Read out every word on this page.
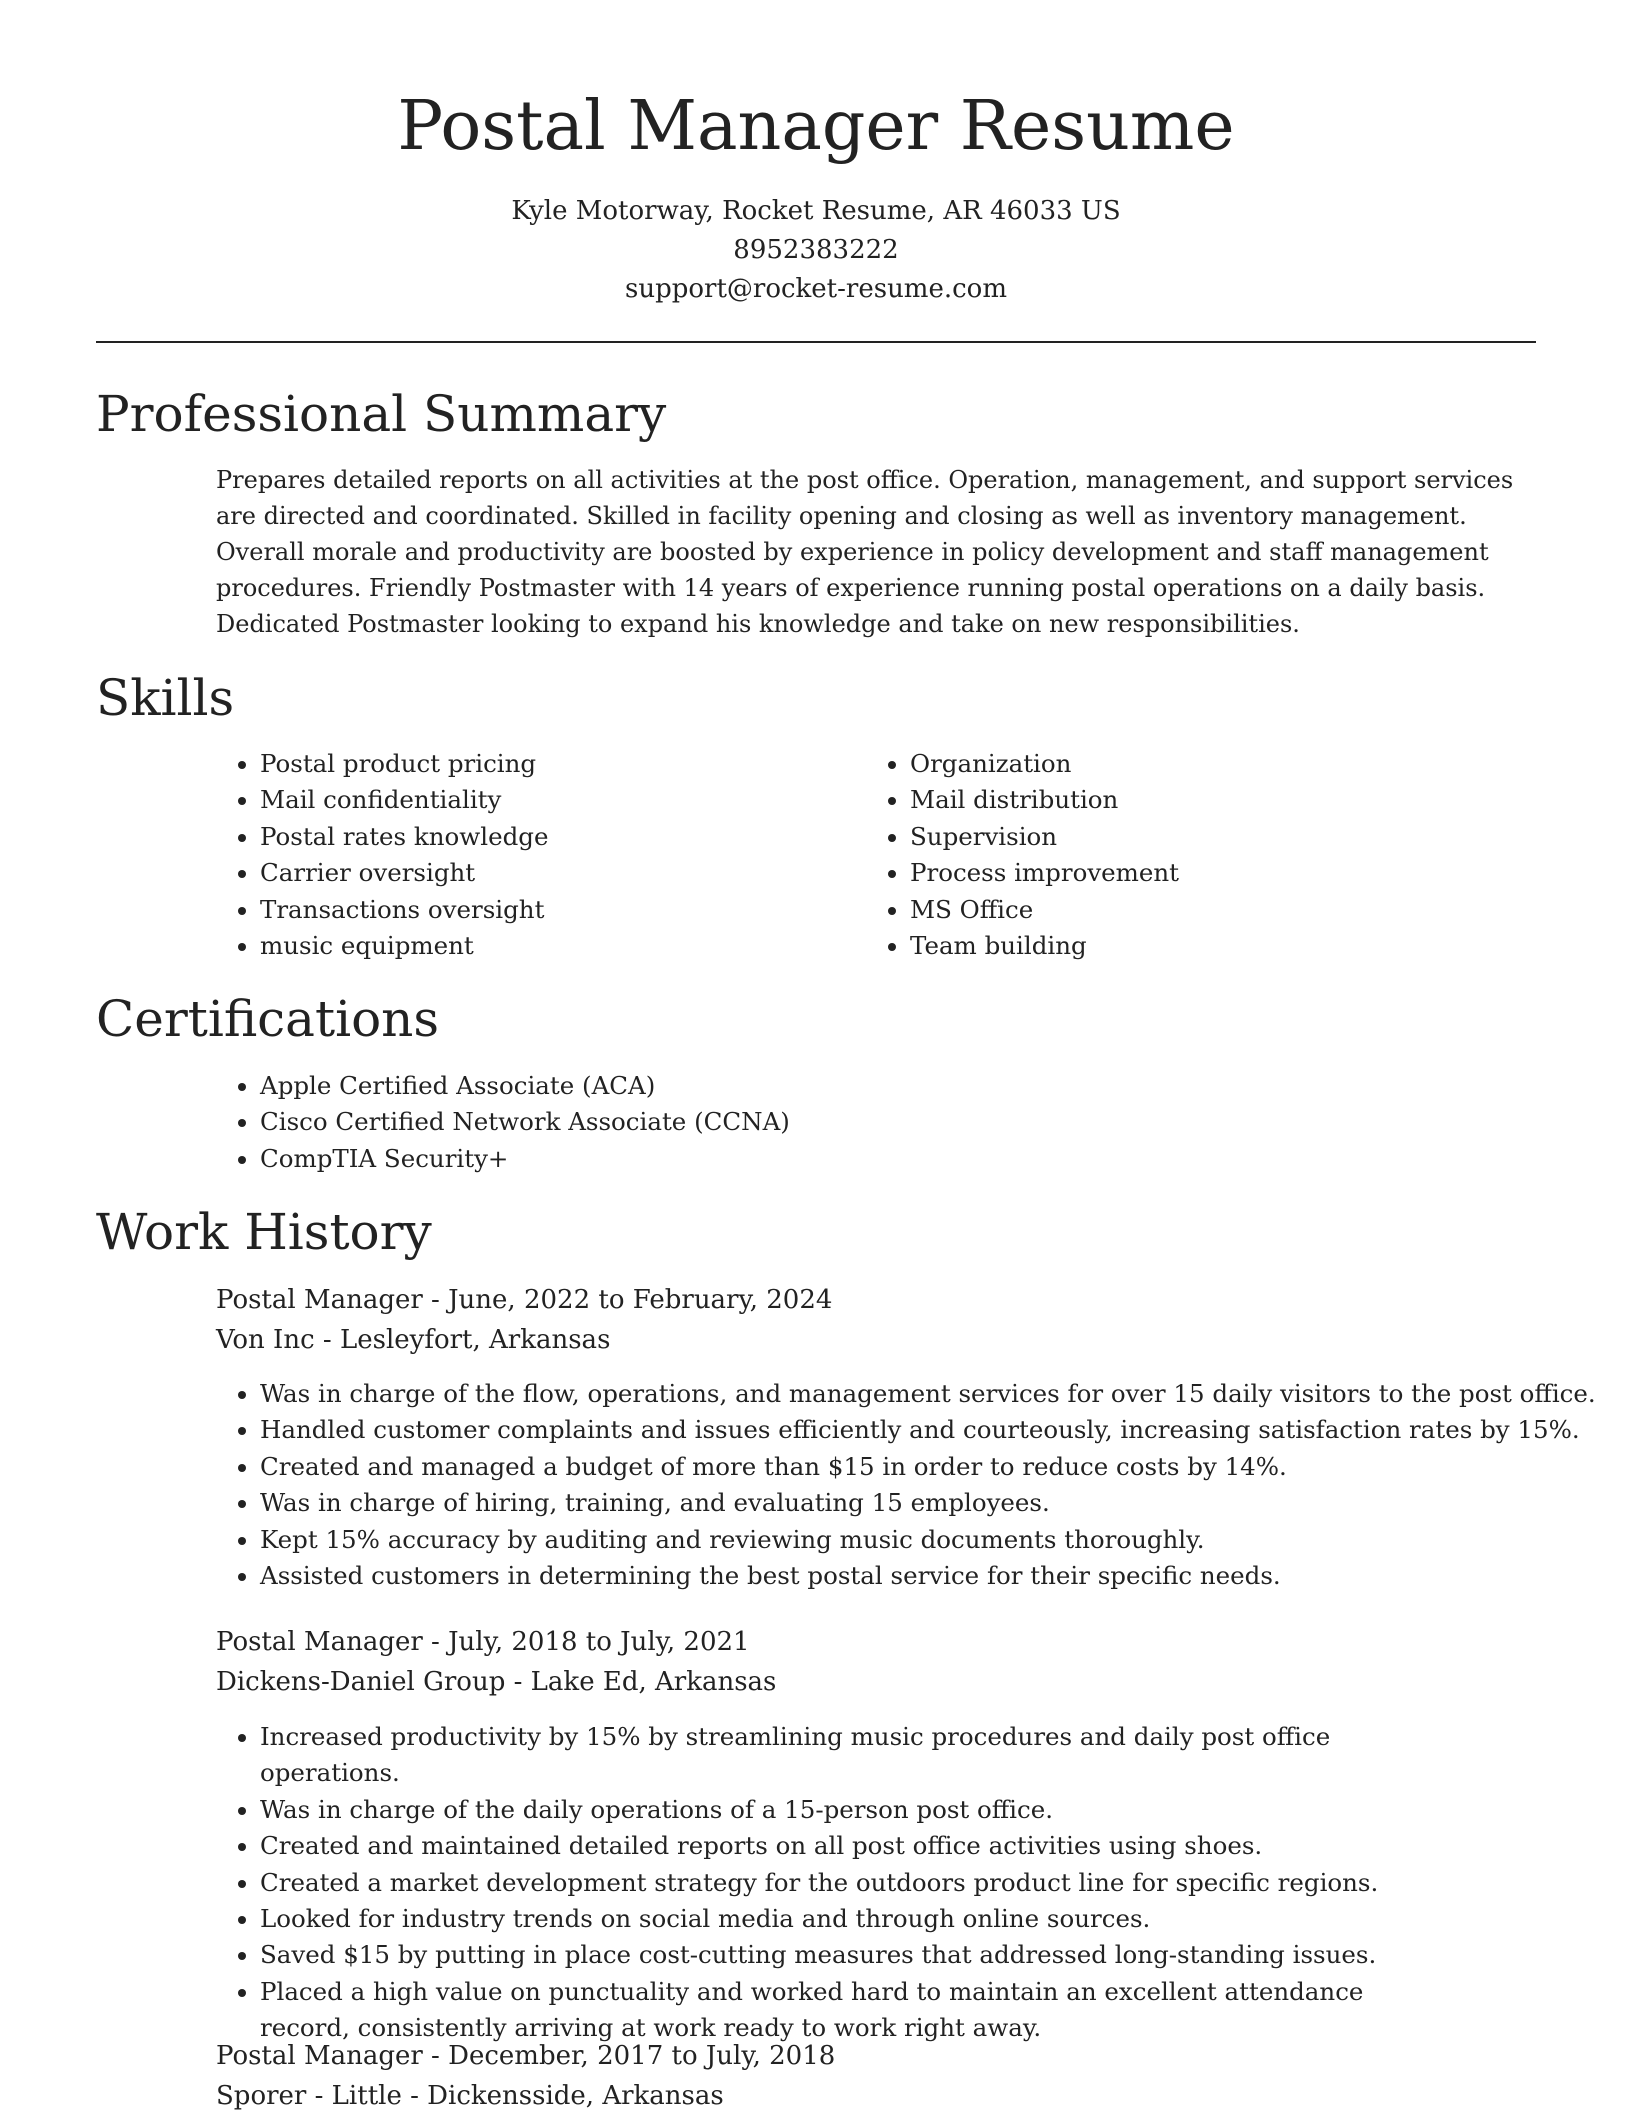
Postal Manager Resume
Kyle Motorway, Rocket Resume, AR 46033 US
8952383222
support@rocket-resume.com
Professional Summary

Prepares detailed reports on all activities at the post office. Operation, management, and support services are directed and coordinated. Skilled in facility opening and closing as well as inventory management. Overall morale and productivity are boosted by experience in policy development and staff management procedures. Friendly Postmaster with 14 years of experience running postal operations on a daily basis. Dedicated Postmaster looking to expand his knowledge and take on new responsibilities.

Skills
• Postal product pricing
• Mail confidentiality
• Postal rates knowledge
• Carrier oversight
• Transactions oversight
• music equipment
• Organization
• Mail distribution
• Supervision
• Process improvement
• MS Office
• Team building
Certifications
• Apple Certified Associate (ACA)
• Cisco Certified Network Associate (CCNA)
• CompTIA Security+
Work History
Postal Manager - June, 2022 to February, 2024
Von Inc - Lesleyfort, Arkansas
• Was in charge of the flow, operations, and management services for over 15 daily visitors to the post office.
• Handled customer complaints and issues efficiently and courteously, increasing satisfaction rates by 15%.
• Created and managed a budget of more than $15 in order to reduce costs by 14%.
• Was in charge of hiring, training, and evaluating 15 employees.
• Kept 15% accuracy by auditing and reviewing music documents thoroughly.
• Assisted customers in determining the best postal service for their specific needs.
Postal Manager - July, 2018 to July, 2021
Dickens-Daniel Group - Lake Ed, Arkansas
• Increased productivity by 15% by streamlining music procedures and daily post office operations.
• Was in charge of the daily operations of a 15-person post office.
• Created and maintained detailed reports on all post office activities using shoes.
• Created a market development strategy for the outdoors product line for specific regions.
• Looked for industry trends on social media and through online sources.
• Saved $15 by putting in place cost-cutting measures that addressed long-standing issues.
• Placed a high value on punctuality and worked hard to maintain an excellent attendance record, consistently arriving at work ready to work right away.
Postal Manager - December, 2017 to July, 2018
Sporer - Little - Dickensside, Arkansas
